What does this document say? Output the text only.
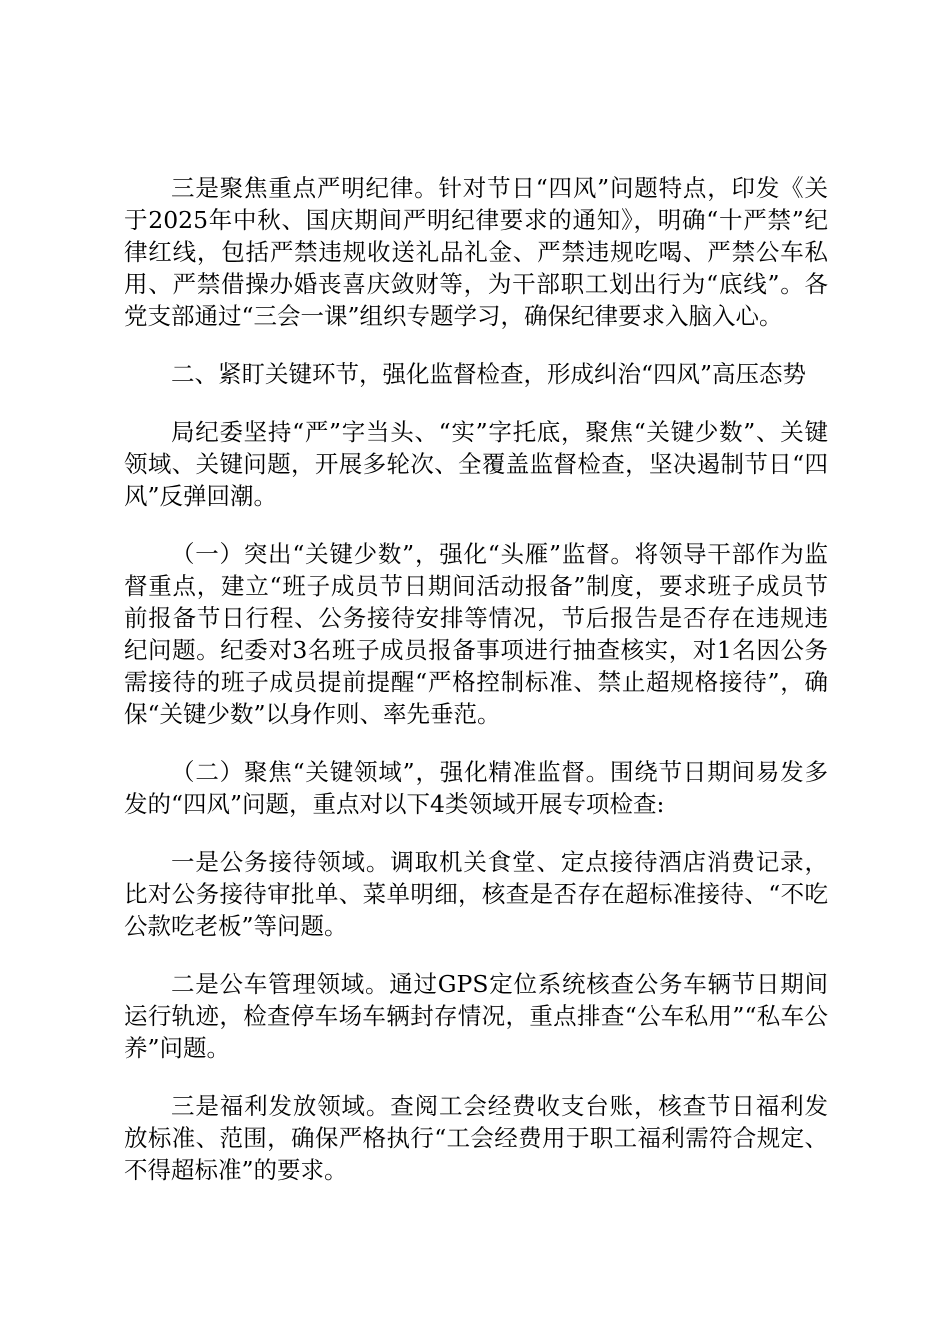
三是聚焦重点严明纪律。针对节日“四风”问题特点，印发《关于2025年中秋、国庆期间严明纪律要求的通知》，明确“十严禁”纪律红线，包括严禁违规收送礼品礼金、严禁违规吃喝、严禁公车私用、严禁借操办婚丧喜庆敛财等，为干部职工划出行为“底线”。各党支部通过“三会一课”组织专题学习，确保纪律要求入脑入心。

二、紧盯关键环节，强化监督检查，形成纠治“四风”高压态势

局纪委坚持“严”字当头、“实”字托底，聚焦“关键少数”、关键领域、关键问题，开展多轮次、全覆盖监督检查，坚决遏制节日“四风”反弹回潮。

（一）突出“关键少数”，强化“头雁”监督。将领导干部作为监督重点，建立“班子成员节日期间活动报备”制度，要求班子成员节前报备节日行程、公务接待安排等情况，节后报告是否存在违规违纪问题。纪委对3名班子成员报备事项进行抽查核实，对1名因公务需接待的班子成员提前提醒“严格控制标准、禁止超规格接待”，确保“关键少数”以身作则、率先垂范。

（二）聚焦“关键领域”，强化精准监督。围绕节日期间易发多发的“四风”问题，重点对以下4类领域开展专项检查:

一是公务接待领域。调取机关食堂、定点接待酒店消费记录，比对公务接待审批单、菜单明细，核查是否存在超标准接待、“不吃公款吃老板”等问题。

二是公车管理领域。通过GPS定位系统核查公务车辆节日期间运行轨迹，检查停车场车辆封存情况，重点排查“公车私用”“私车公养”问题。

三是福利发放领域。查阅工会经费收支台账，核查节日福利发放标准、范围，确保严格执行“工会经费用于职工福利需符合规定、不得超标准”的要求。
